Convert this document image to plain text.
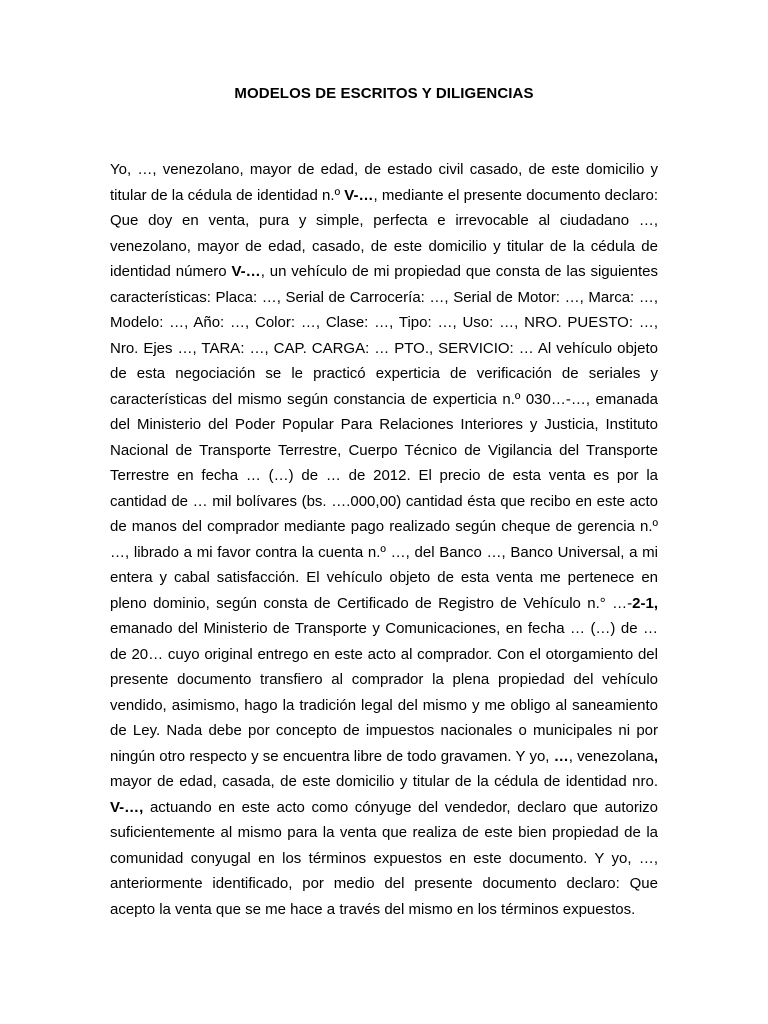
MODELOS DE ESCRITOS Y DILIGENCIAS
Yo, …, venezolano, mayor de edad, de estado civil casado, de este domicilio y titular de la cédula de identidad n.º V-…, mediante el presente documento declaro: Que doy en venta, pura y simple, perfecta e irrevocable al ciudadano …, venezolano, mayor de edad, casado, de este domicilio y titular de la cédula de identidad número V-…, un vehículo de mi propiedad que consta de las siguientes características: Placa: …, Serial de Carrocería: …, Serial de Motor: …, Marca: …, Modelo: …, Año: …, Color: …, Clase: …, Tipo: …, Uso: …, NRO. PUESTO: …, Nro. Ejes …, TARA: …, CAP. CARGA: … PTO., SERVICIO: … Al vehículo objeto de esta negociación se le practicó experticia de verificación de seriales y características del mismo según constancia de experticia n.º 030…-…, emanada del Ministerio del Poder Popular Para Relaciones Interiores y Justicia, Instituto Nacional de Transporte Terrestre, Cuerpo Técnico de Vigilancia del Transporte Terrestre en fecha … (…) de … de 2012. El precio de esta venta es por la cantidad de … mil bolívares (bs. ….000,00) cantidad ésta que recibo en este acto de manos del comprador mediante pago realizado según cheque de gerencia n.º …, librado a mi favor contra la cuenta n.º …, del Banco …, Banco Universal, a mi entera y cabal satisfacción. El vehículo objeto de esta venta me pertenece en pleno dominio, según consta de Certificado de Registro de Vehículo n.° …-2-1, emanado del Ministerio de Transporte y Comunicaciones, en fecha … (…) de … de 20… cuyo original entrego en este acto al comprador. Con el otorgamiento del presente documento transfiero al comprador la plena propiedad del vehículo vendido, asimismo, hago la tradición legal del mismo y me obligo al saneamiento de Ley. Nada debe por concepto de impuestos nacionales o municipales ni por ningún otro respecto y se encuentra libre de todo gravamen. Y yo, …, venezolana, mayor de edad, casada, de este domicilio y titular de la cédula de identidad nro. V-…, actuando en este acto como cónyuge del vendedor, declaro que autorizo suficientemente al mismo para la venta que realiza de este bien propiedad de la comunidad conyugal en los términos expuestos en este documento. Y yo, …, anteriormente identificado, por medio del presente documento declaro: Que acepto la venta que se me hace a través del mismo en los términos expuestos.
